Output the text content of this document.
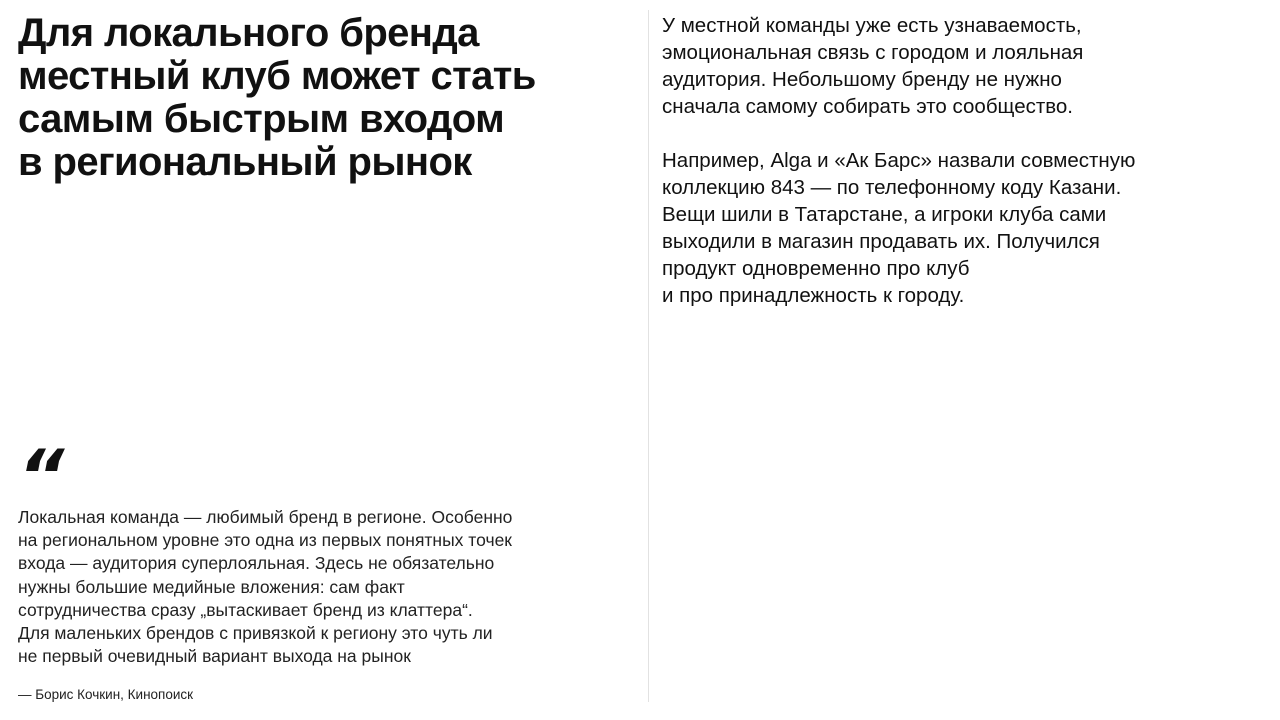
Для локального бренда
местный клуб может стать
самым быстрым входом
в региональный рынок
“

Локальная команда — любимый бренд в регионе. Особенно
на региональном уровне это одна из первых понятных точек
входа — аудитория суперлояльная. Здесь не обязательно
нужны большие медийные вложения: сам факт
сотрудничества сразу „вытаскивает бренд из клаттера“.
Для маленьких брендов с привязкой к региону это чуть ли
не первый очевидный вариант выхода на рынок

— Борис Кочкин, Кинопоиск

У местной команды уже есть узнаваемость,
эмоциональная связь с городом и лояльная
аудитория. Небольшому бренду не нужно
сначала самому собирать это сообщество.

Например, Alga и «Ак Барс» назвали совместную
коллекцию 843 — по телефонному коду Казани.
Вещи шили в Татарстане, а игроки клуба сами
выходили в магазин продавать их. Получился
продукт одновременно про клуб
и про принадлежность к городу.
